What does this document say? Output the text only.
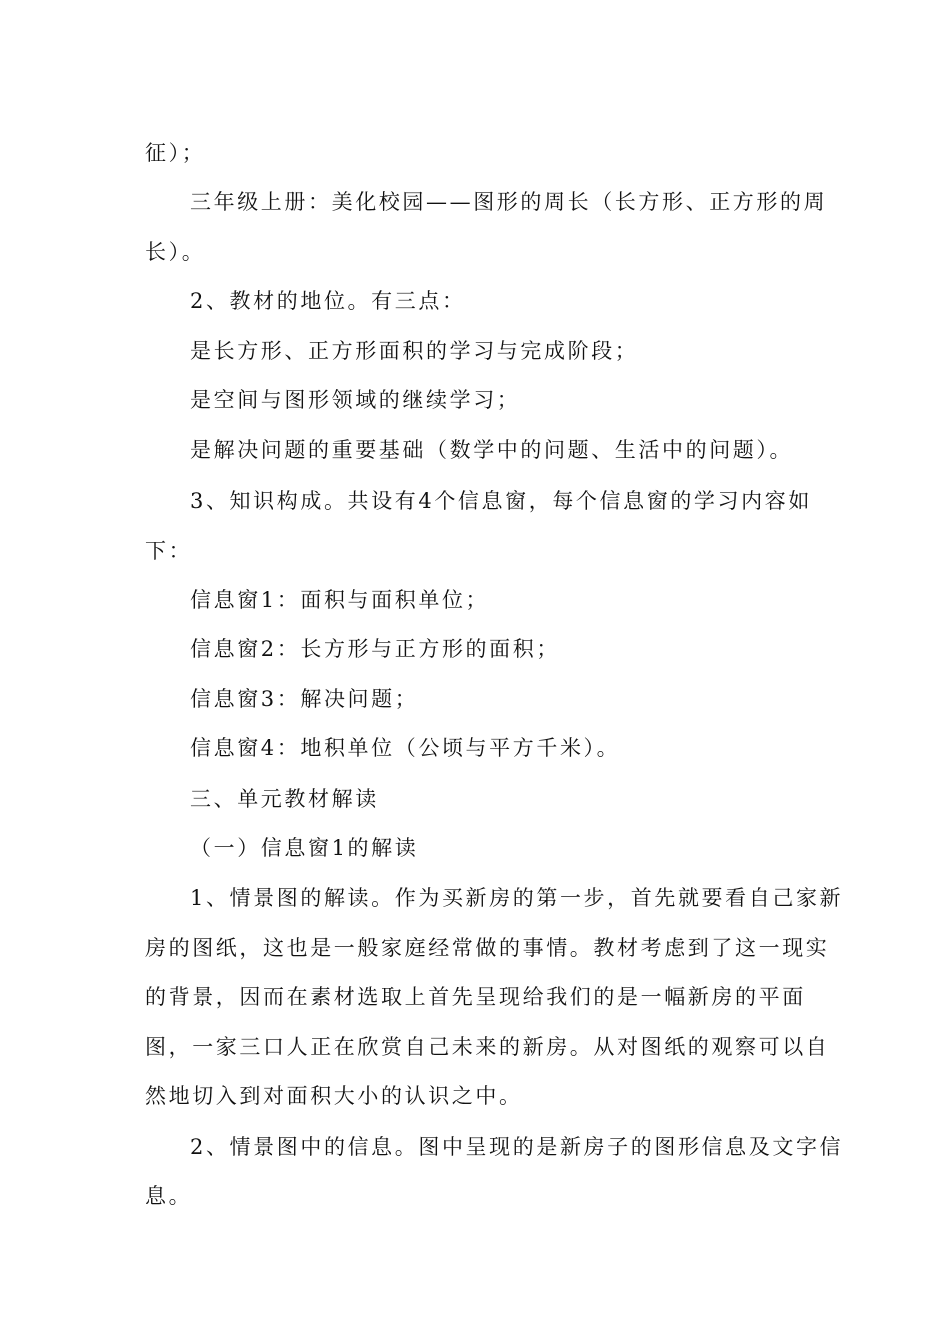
征）；
三年级上册：美化校园——图形的周长（长方形、正方形的周
长）。
2、教材的地位。有三点：
是长方形、正方形面积的学习与完成阶段；
是空间与图形领域的继续学习；
是解决问题的重要基础（数学中的问题、生活中的问题）。
3、知识构成。共设有4个信息窗，每个信息窗的学习内容如
下：
信息窗1：面积与面积单位；
信息窗2：长方形与正方形的面积；
信息窗3：解决问题；
信息窗4：地积单位（公顷与平方千米）。
三、单元教材解读
（一）信息窗1的解读
1、情景图的解读。作为买新房的第一步，首先就要看自己家新
房的图纸，这也是一般家庭经常做的事情。教材考虑到了这一现实
的背景，因而在素材选取上首先呈现给我们的是一幅新房的平面
图，一家三口人正在欣赏自己未来的新房。从对图纸的观察可以自
然地切入到对面积大小的认识之中。
2、情景图中的信息。图中呈现的是新房子的图形信息及文字信
息。
